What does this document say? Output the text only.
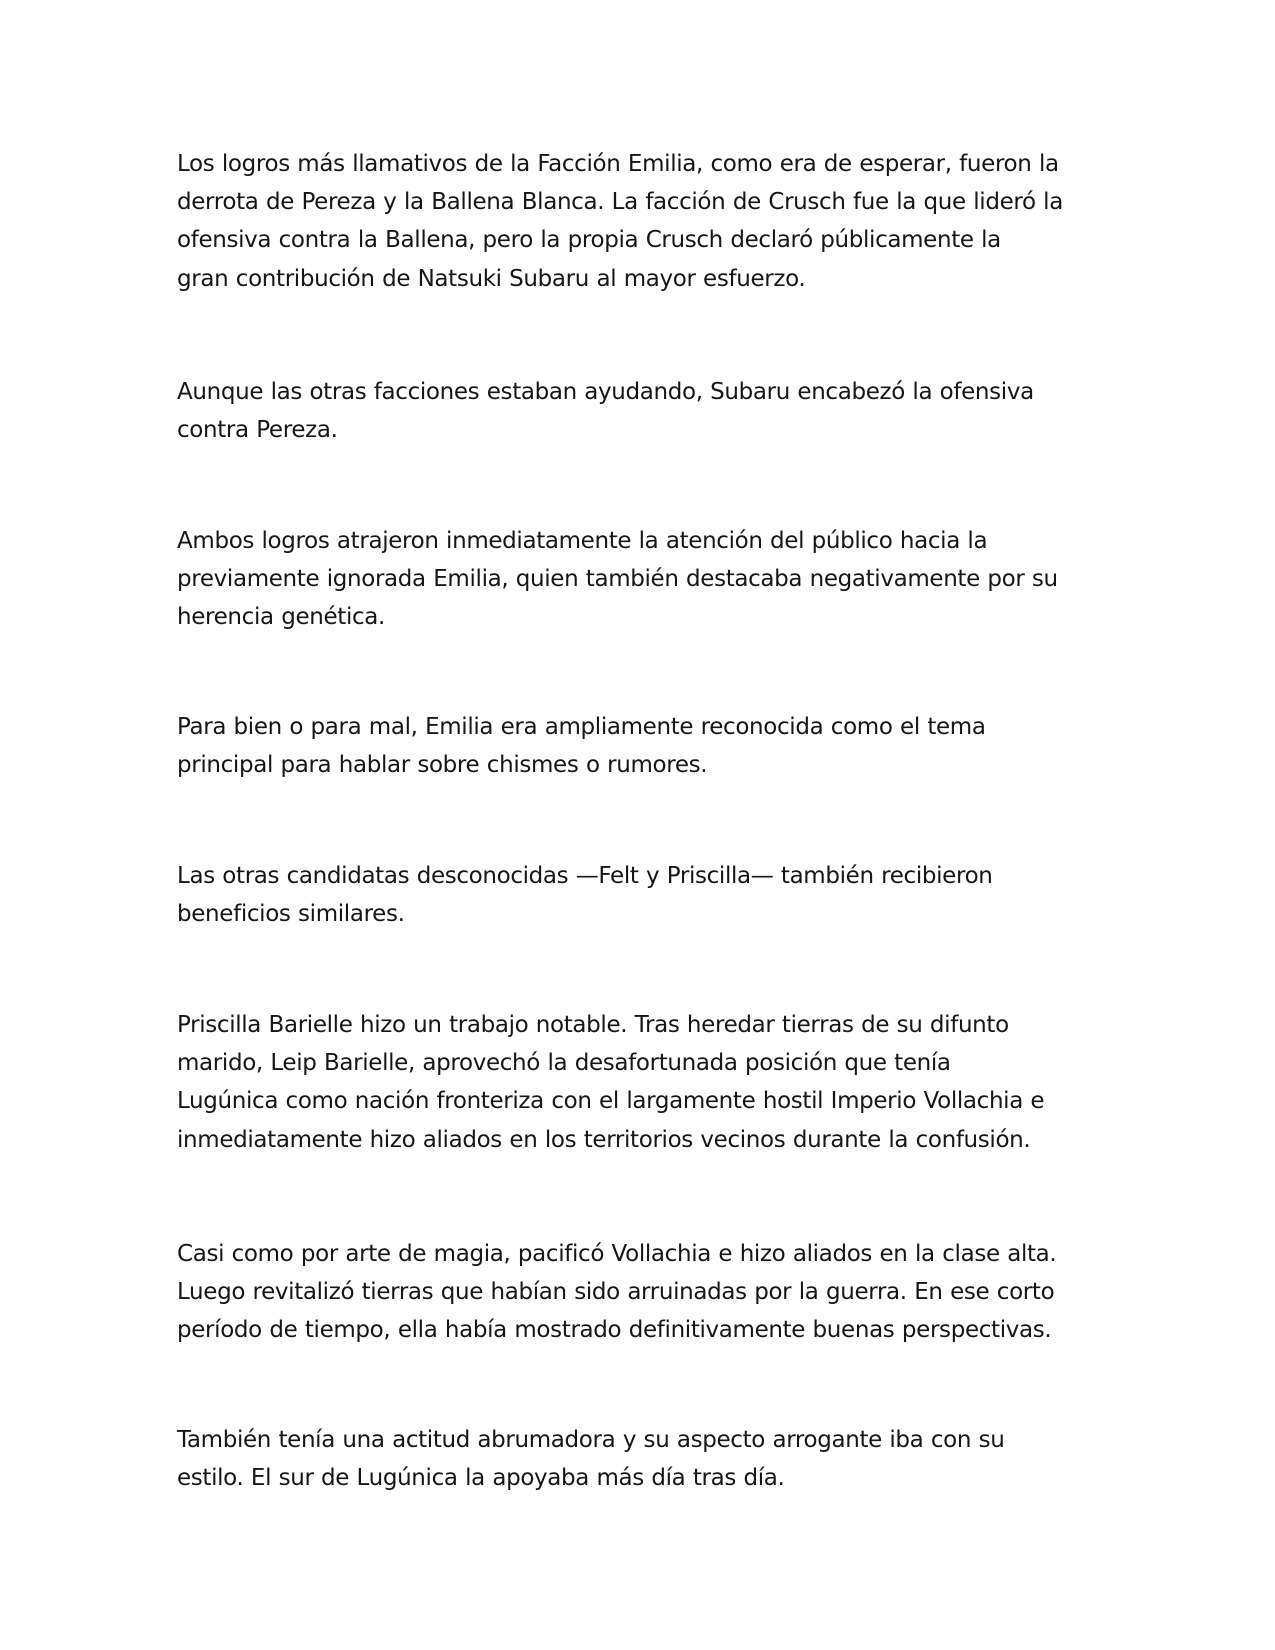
Los logros más llamativos de la Facción Emilia, como era de esperar, fueron la
derrota de Pereza y la Ballena Blanca. La facción de Crusch fue la que lideró la
ofensiva contra la Ballena, pero la propia Crusch declaró públicamente la
gran contribución de Natsuki Subaru al mayor esfuerzo.

Aunque las otras facciones estaban ayudando, Subaru encabezó la ofensiva
contra Pereza.

Ambos logros atrajeron inmediatamente la atención del público hacia la
previamente ignorada Emilia, quien también destacaba negativamente por su
herencia genética.

Para bien o para mal, Emilia era ampliamente reconocida como el tema
principal para hablar sobre chismes o rumores.

Las otras candidatas desconocidas —Felt y Priscilla— también recibieron
beneficios similares.

Priscilla Barielle hizo un trabajo notable. Tras heredar tierras de su difunto
marido, Leip Barielle, aprovechó la desafortunada posición que tenía
Lugúnica como nación fronteriza con el largamente hostil Imperio Vollachia e
inmediatamente hizo aliados en los territorios vecinos durante la confusión.

Casi como por arte de magia, pacificó Vollachia e hizo aliados en la clase alta.
Luego revitalizó tierras que habían sido arruinadas por la guerra. En ese corto
período de tiempo, ella había mostrado definitivamente buenas perspectivas.

También tenía una actitud abrumadora y su aspecto arrogante iba con su
estilo. El sur de Lugúnica la apoyaba más día tras día.
